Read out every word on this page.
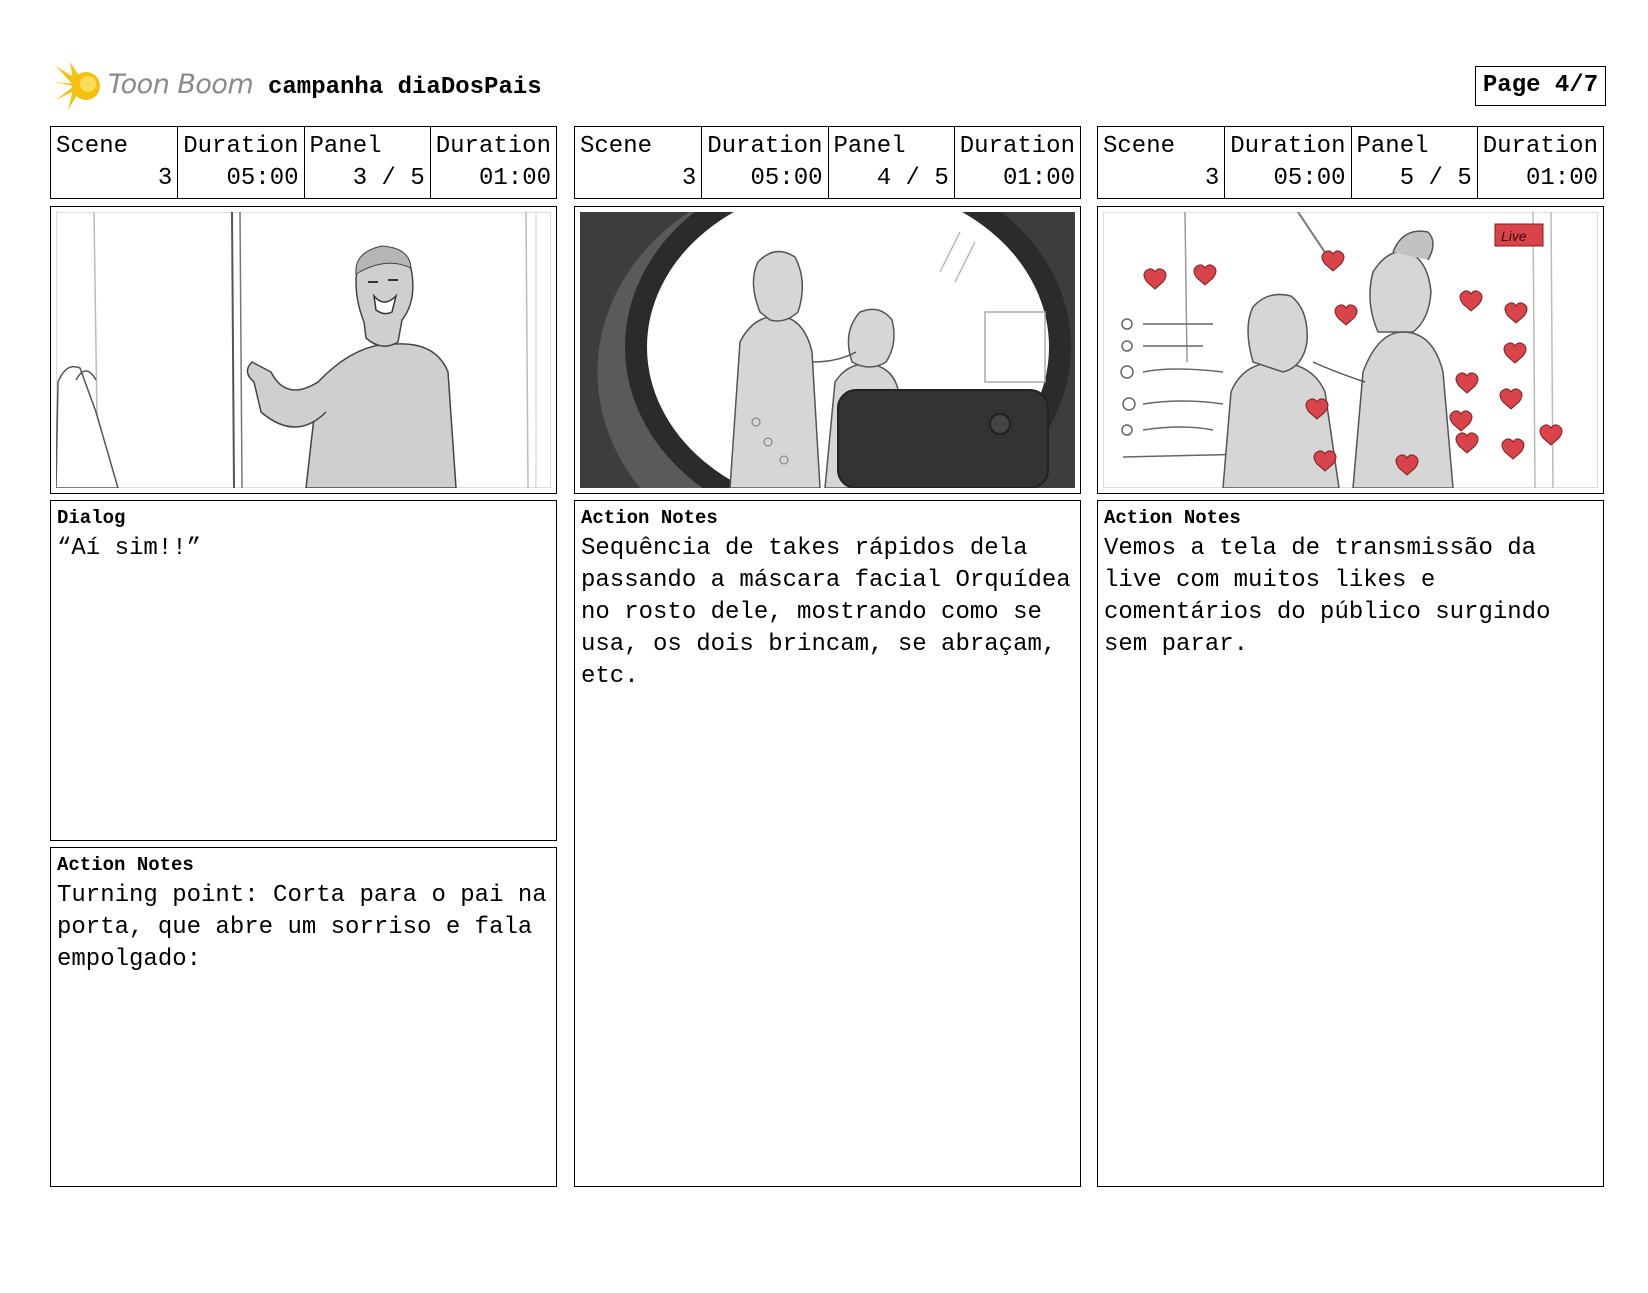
Toon Boom campanha diaDosPais	Page 4/7
Scene
3
Duration
05:00
Panel
3 / 5
Duration
01:00
Dialog
“Aí sim!!”
Action Notes
Turning point: Corta para o pai na porta, que abre um sorriso e fala empolgado:
Scene
3
Duration
05:00
Panel
4 / 5
Duration
01:00
Action Notes
Sequência de takes rápidos dela passando a máscara facial Orquídea no rosto dele, mostrando como se usa, os dois brincam, se abraçam, etc.
Scene
3
Duration
05:00
Panel
5 / 5
Duration
01:00
Live
Action Notes
Vemos a tela de transmissão da live com muitos likes e comentários do público surgindo sem parar.
